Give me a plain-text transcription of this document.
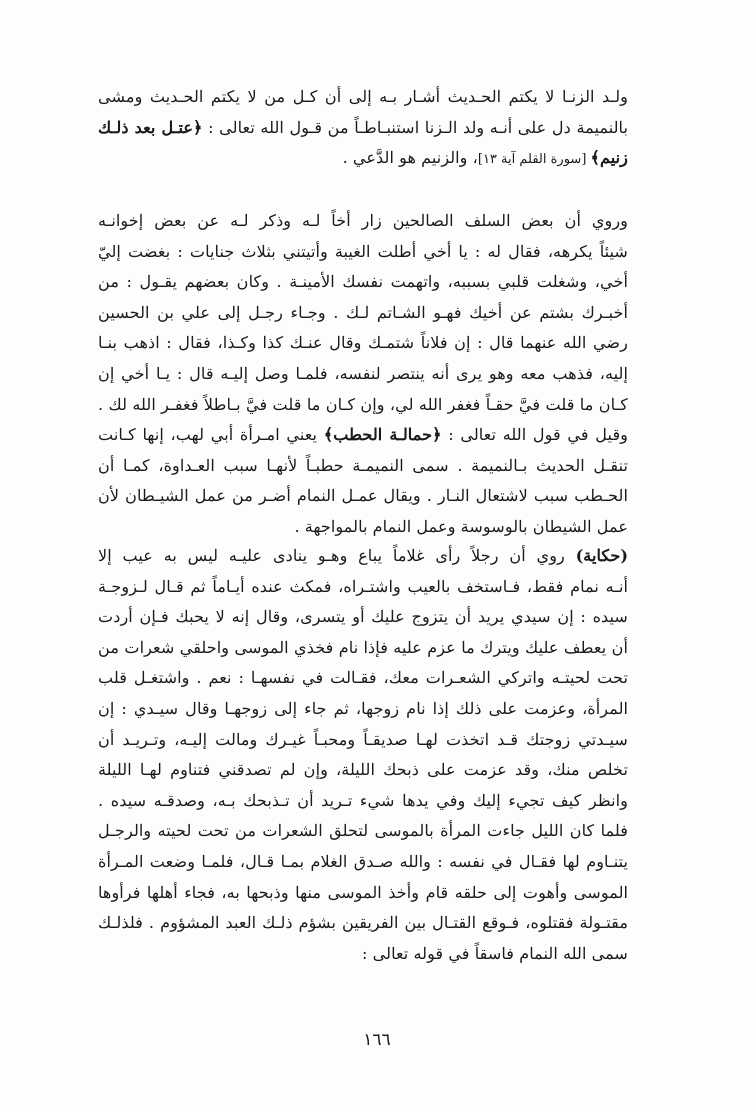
ولـد الزنـا لا يكتم الحـديث أشـار بـه إلى أن كـل من لا يكتم الحـديث ومشى
بالنميمة دل على أنـه ولد الـزنا استنبـاطـاً من قـول الله تعالى : ﴿عتـل بعد ذلـك
زنيم﴾ [سورة القلم آية ١٣]، والزنيم هو الدَّعي .
وروي أن بعض السلف الصالحين زار أخاً لـه وذكر لـه عن بعض إخوانـه
شيئاً يكرهه، فقال له : يا أخي أطلت الغيبة وأتيتني بثلاث جنايات : بغضت إليّ
أخي، وشغلت قلبي بسببه، واتهمت نفسك الأمينـة . وكان بعضهم يقـول : من
أخبـرك بشتم عن أخيك فهـو الشـاتم لـك . وجـاء رجـل إلى علي بن الحسين
رضي الله عنهما قال : إن فلاناً شتمـك وقال عنـك كذا وكـذا، فقال : اذهب بنـا
إليه، فذهب معه وهو يرى أنه ينتصر لنفسه، فلمـا وصل إليـه قال : يـا أخي إن
كـان ما قلت فيَّ حقـاً فغفر الله لي، وإن كـان ما قلت فيَّ بـاطلاً فغفـر الله لك .
وقيل في قول الله تعالى : ﴿حمالـة الحطب﴾ يعني امـرأة أبي لهب، إنها كـانت
تنقـل الحديث بـالنميمة . سمى النميمـة حطبـاً لأنهـا سبب العـداوة، كمـا أن
الحـطب سبب لاشتعال النـار . ويقال عمـل النمام أضـر من عمل الشيـطان لأن
عمل الشيطان بالوسوسة وعمل النمام بالمواجهة .
(حكاية) روي أن رجلاً رأى غلاماً يباع وهـو ينادى عليـه ليس به عيب إلا
أنـه نمام فقط، فـاستخف بالعيب واشتـراه، فمكث عنده أيـاماً ثم قـال لـزوجـة
سيده : إن سيدي يريد أن يتزوج عليك أو يتسرى، وقال إنه لا يحبك فـإن أردت
أن يعطف عليك ويترك ما عزم عليه فإذا نام فخذي الموسى واحلقي شعرات من
تحت لحيتـه واتركي الشعـرات معك، فقـالت في نفسهـا : نعم . واشتغـل قلب
المرأة، وعزمت على ذلك إذا نام زوجها، ثم جاء إلى زوجهـا وقال سيـدي : إن
سيـدتي زوجتك قـد اتخذت لهـا صديقـاً ومحبـاً غيـرك ومالت إليـه، وتـريـد أن
تخلص منك، وقد عزمت على ذبحك الليلة، وإن لم تصدقني فتناوم لهـا الليلة
وانظر كيف تجيء إليك وفي يدها شيء تـريد أن تـذبحك بـه، وصدقـه سيده .
فلما كان الليل جاءت المرأة بالموسى لتحلق الشعرات من تحت لحيته والرجـل
يتنـاوم لها فقـال في نفسه : والله صـدق الغلام بمـا قـال، فلمـا وضعت المـرأة
الموسى وأهوت إلى حلقه قام وأخذ الموسى منها وذبحها به، فجاء أهلها فرأوها
مقتـولة فقتلوه، فـوقع القتـال بين الفريقين بشؤم ذلـك العبد المشؤوم . فلذلـك
سمى الله النمام فاسقاً في قوله تعالى :
١٦٦
